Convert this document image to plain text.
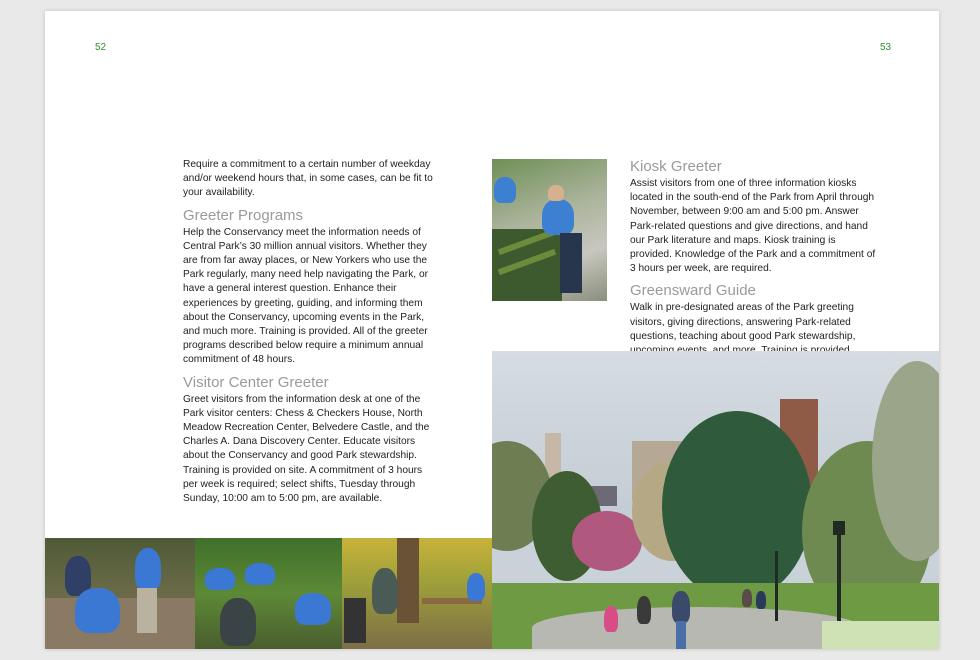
52	53

Require a commitment to a certain number of weekday and/or weekend hours that, in some cases, can be fit to your availability.

Greeter Programs

Help the Conservancy meet the information needs of Central Park’s 30 million annual visitors. Whether they are from far away places, or New Yorkers who use the Park regularly, many need help navigating the Park, or have a general interest question. Enhance their experiences by greeting, guiding, and informing them about the Conservancy, upcoming events in the Park, and much more. Training is provided. All of the greeter programs described below require a minimum annual commitment of 48 hours.

Visitor Center Greeter

Greet visitors from the information desk at one of the Park visitor centers: Chess & Checkers House, North Meadow Recreation Center, Belvedere Castle, and the Charles A. Dana Discovery Center. Educate visitors about the Conservancy and good Park stewardship. Training is provided on site. A commitment of 3 hours per week is required; select shifts, Tuesday through Sunday, 10:00 am to 5:00 pm, are available.

Kiosk Greeter

Assist visitors from one of three information kiosks located in the south-end of the Park from April through November, between 9:00 am and 5:00 pm. Answer Park-related questions and give directions, and hand our Park literature and maps. Kiosk training is provided. Knowledge of the Park and a commitment of 3 hours per week, are required.

Greensward Guide

Walk in pre-designated areas of the Park greeting visitors, giving directions, answering Park-related questions, teaching about good Park stewardship,
